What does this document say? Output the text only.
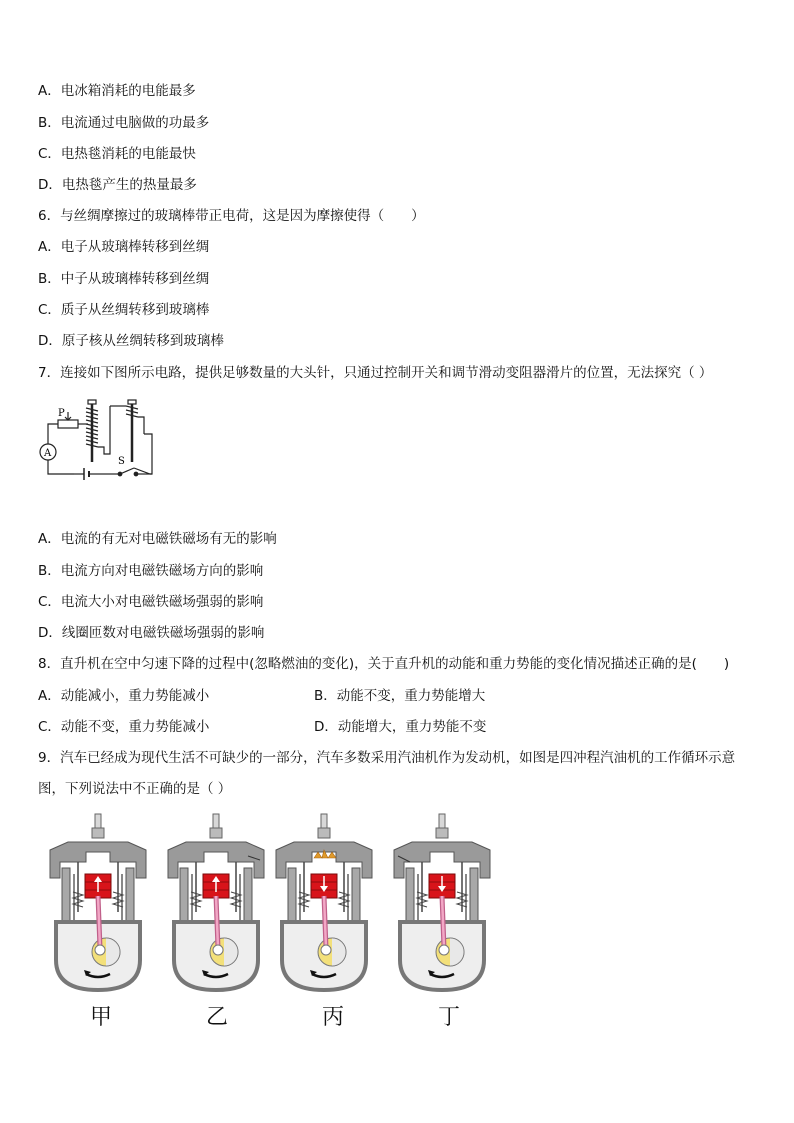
A．电冰箱消耗的电能最多
B．电流通过电脑做的功最多
C．电热毯消耗的电能最快
D．电热毯产生的热量最多
6．与丝绸摩擦过的玻璃棒带正电荷，这是因为摩擦使得（　　）
A．电子从玻璃棒转移到丝绸
B．中子从玻璃棒转移到丝绸
C．质子从丝绸转移到玻璃棒
D．原子核从丝绸转移到玻璃棒
7．连接如下图所示电路，提供足够数量的大头针，只通过控制开关和调节滑动变阻器滑片的位置，无法探究（ ）
A
P
S
A．电流的有无对电磁铁磁场有无的影响
B．电流方向对电磁铁磁场方向的影响
C．电流大小对电磁铁磁场强弱的影响
D．线圈匝数对电磁铁磁场强弱的影响
8．直升机在空中匀速下降的过程中(忽略燃油的变化)，关于直升机的动能和重力势能的变化情况描述正确的是(　　)
A．动能减小，重力势能减小	B．动能不变，重力势能增大
C．动能不变，重力势能减小	D．动能增大，重力势能不变
9．汽车已经成为现代生活不可缺少的一部分，汽车多数采用汽油机作为发动机，如图是四冲程汽油机的工作循环示意
图，下列说法中不正确的是（ ）
甲	乙	丙	丁
